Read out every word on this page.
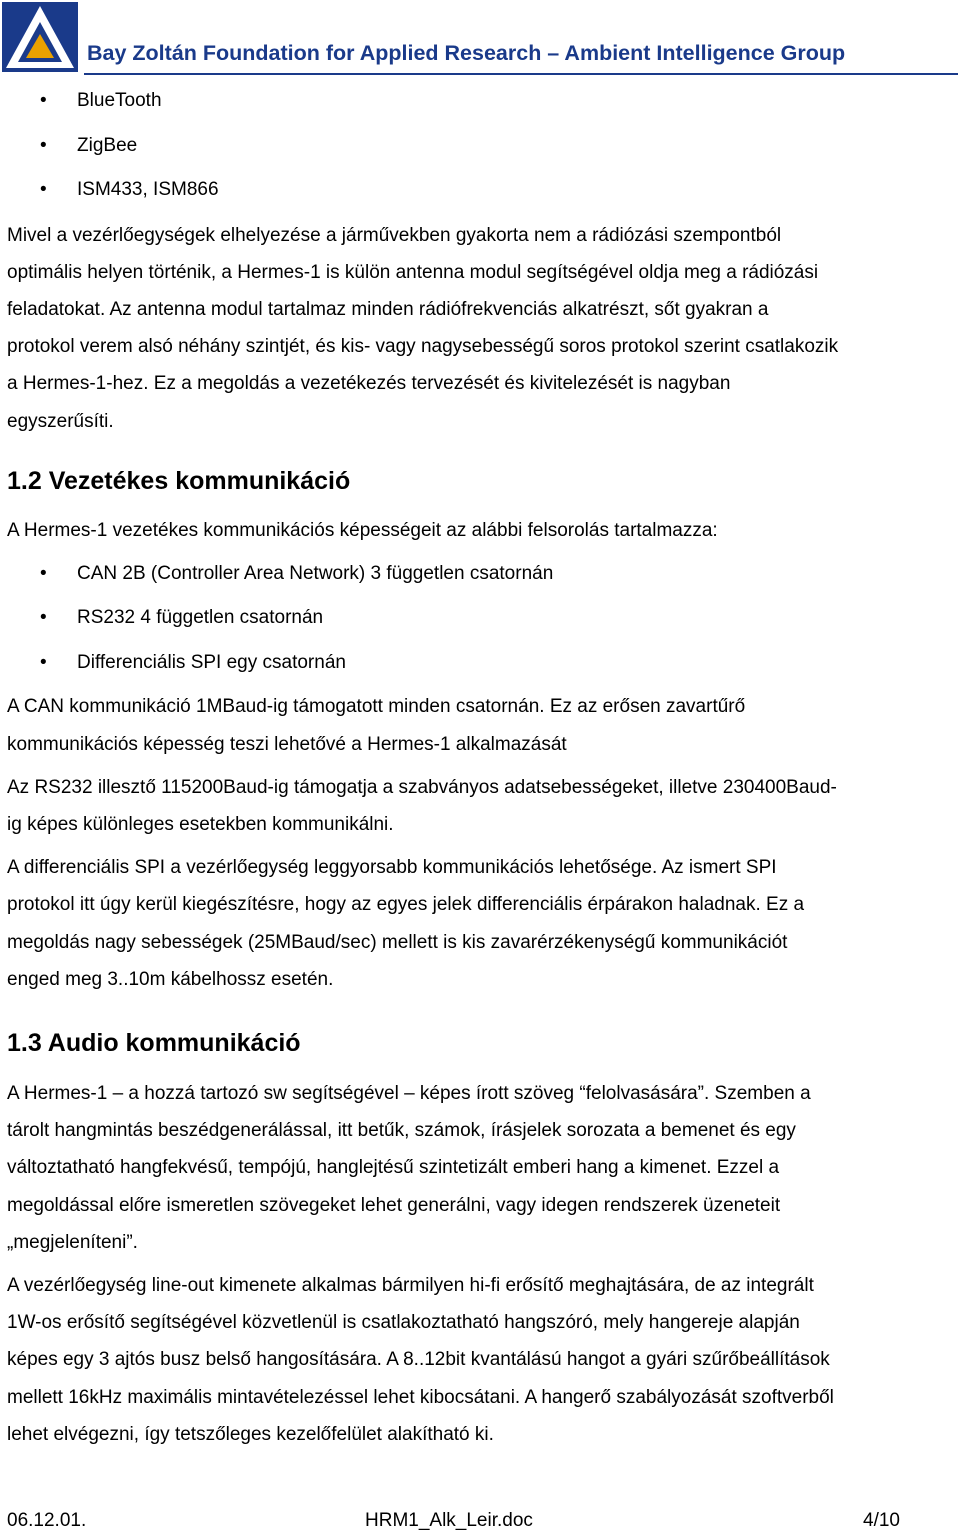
Bay Zoltán Foundation for Applied Research – Ambient Intelligence Group
• BlueTooth
• ZigBee
• ISM433, ISM866

Mivel a vezérlőegységek elhelyezése a járművekben gyakorta nem a rádiózási szempontból
optimális helyen történik, a Hermes-1 is külön antenna modul segítségével oldja meg a rádiózási
feladatokat. Az antenna modul tartalmaz minden rádiófrekvenciás alkatrészt, sőt gyakran a
protokol verem alsó néhány szintjét, és kis- vagy nagysebességű soros protokol szerint csatlakozik
a Hermes-1-hez. Ez a megoldás a vezetékezés tervezését és kivitelezését is nagyban
egyszerűsíti.

1.2 Vezetékes kommunikáció

A Hermes-1 vezetékes kommunikációs képességeit az alábbi felsorolás tartalmazza:

• CAN 2B (Controller Area Network) 3 független csatornán
• RS232 4 független csatornán
• Differenciális SPI egy csatornán

A CAN kommunikáció 1MBaud-ig támogatott minden csatornán. Ez az erősen zavartűrő
kommunikációs képesség teszi lehetővé a Hermes-1 alkalmazását

Az RS232 illesztő 115200Baud-ig támogatja a szabványos adatsebességeket, illetve 230400Baud-
ig képes különleges esetekben kommunikálni.

A differenciális SPI a vezérlőegység leggyorsabb kommunikációs lehetősége. Az ismert SPI
protokol itt úgy kerül kiegészítésre, hogy az egyes jelek differenciális érpárakon haladnak. Ez a
megoldás nagy sebességek (25MBaud/sec) mellett is kis zavarérzékenységű kommunikációt
enged meg 3..10m kábelhossz esetén.

1.3 Audio kommunikáció

A Hermes-1 – a hozzá tartozó sw segítségével – képes írott szöveg “felolvasására”. Szemben a
tárolt hangmintás beszédgenerálással, itt betűk, számok, írásjelek sorozata a bemenet és egy
változtatható hangfekvésű, tempójú, hanglejtésű szintetizált emberi hang a kimenet. Ezzel a
megoldással előre ismeretlen szövegeket lehet generálni, vagy idegen rendszerek üzeneteit
„megjeleníteni”.

A vezérlőegység line-out kimenete alkalmas bármilyen hi-fi erősítő meghajtására, de az integrált
1W-os erősítő segítségével közvetlenül is csatlakoztatható hangszóró, mely hangereje alapján
képes egy 3 ajtós busz belső hangosítására. A 8..12bit kvantálású hangot a gyári szűrőbeállítások
mellett 16kHz maximális mintavételezéssel lehet kibocsátani. A hangerő szabályozását szoftverből
lehet elvégezni, így tetszőleges kezelőfelület alakítható ki.

06.12.01.	HRM1_Alk_Leir.doc	4/10
